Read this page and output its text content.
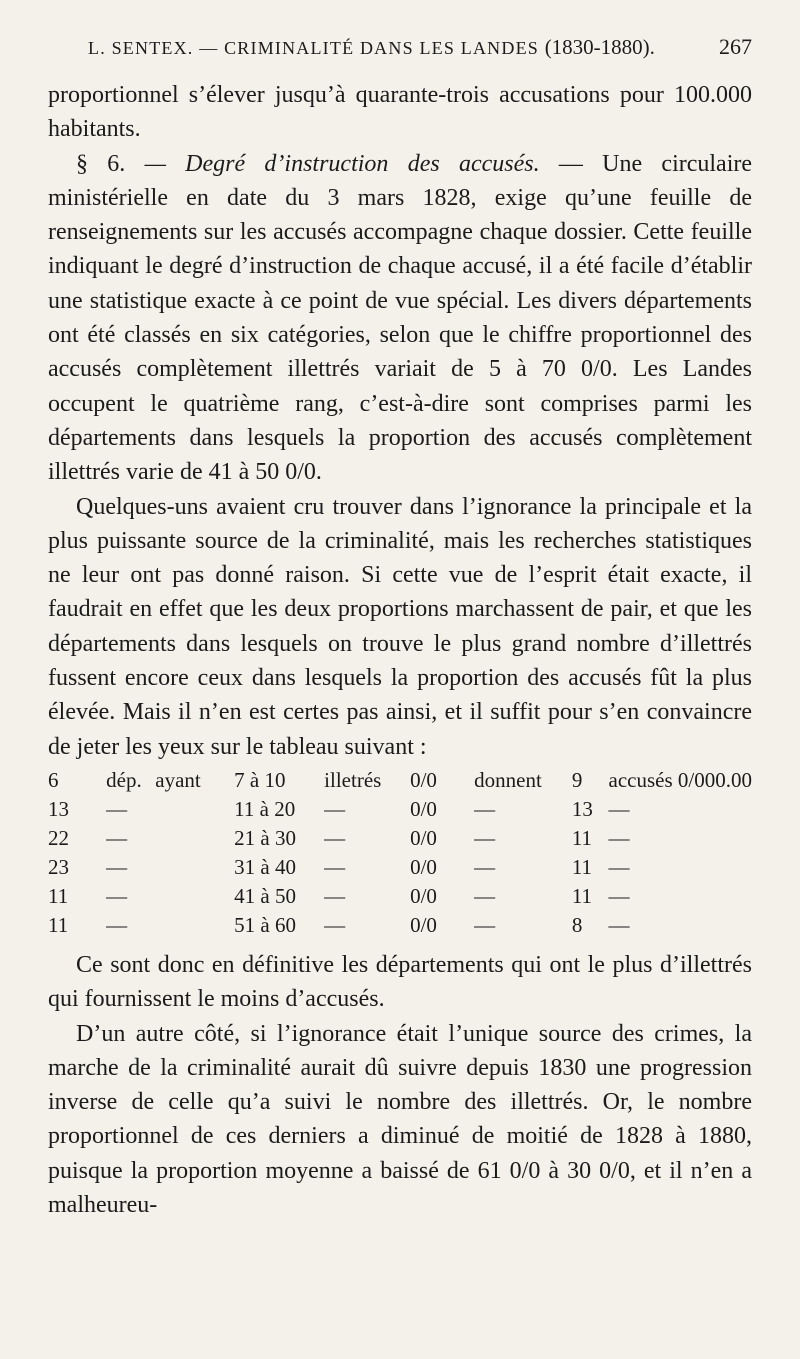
L. SENTEX. — CRIMINALITÉ DANS LES LANDES (1830-1880).	267

proportionnel s’élever jusqu’à quarante-trois accusations pour 100.000 habitants.

§ 6. — Degré d’instruction des accusés. — Une circulaire ministérielle en date du 3 mars 1828, exige qu’une feuille de renseignements sur les accusés accompagne chaque dossier. Cette feuille indiquant le degré d’instruction de chaque accusé, il a été facile d’établir une statistique exacte à ce point de vue spécial. Les divers départements ont été classés en six catégories, selon que le chiffre proportionnel des accusés complètement illettrés variait de 5 à 70 0/0. Les Landes occupent le quatrième rang, c’est-à-dire sont comprises parmi les départements dans lesquels la proportion des accusés complètement illettrés varie de 41 à 50 0/0.

Quelques-uns avaient cru trouver dans l’ignorance la principale et la plus puissante source de la criminalité, mais les recherches statistiques ne leur ont pas donné raison. Si cette vue de l’esprit était exacte, il faudrait en effet que les deux proportions marchassent de pair, et que les départements dans lesquels on trouve le plus grand nombre d’illettrés fussent encore ceux dans lesquels la proportion des accusés fût la plus élevée. Mais il n’en est certes pas ainsi, et il suffit pour s’en convaincre de jeter les yeux sur le tableau suivant :

6	dép.	ayant	7 à 10	illetrés	0/0	donnent	9	accusés 0/000.00
13	—		11 à 20	—	0/0	—	13	—
22	—		21 à 30	—	0/0	—	11	—
23	—		31 à 40	—	0/0	—	11	—
11	—		41 à 50	—	0/0	—	11	—
11	—		51 à 60	—	0/0	—	8	—

Ce sont donc en définitive les départements qui ont le plus d’illettrés qui fournissent le moins d’accusés.

D’un autre côté, si l’ignorance était l’unique source des crimes, la marche de la criminalité aurait dû suivre depuis 1830 une progression inverse de celle qu’a suivi le nombre des illettrés. Or, le nombre proportionnel de ces derniers a diminué de moitié de 1828 à 1880, puisque la proportion moyenne a baissé de 61 0/0 à 30 0/0, et il n’en a malheureu-
